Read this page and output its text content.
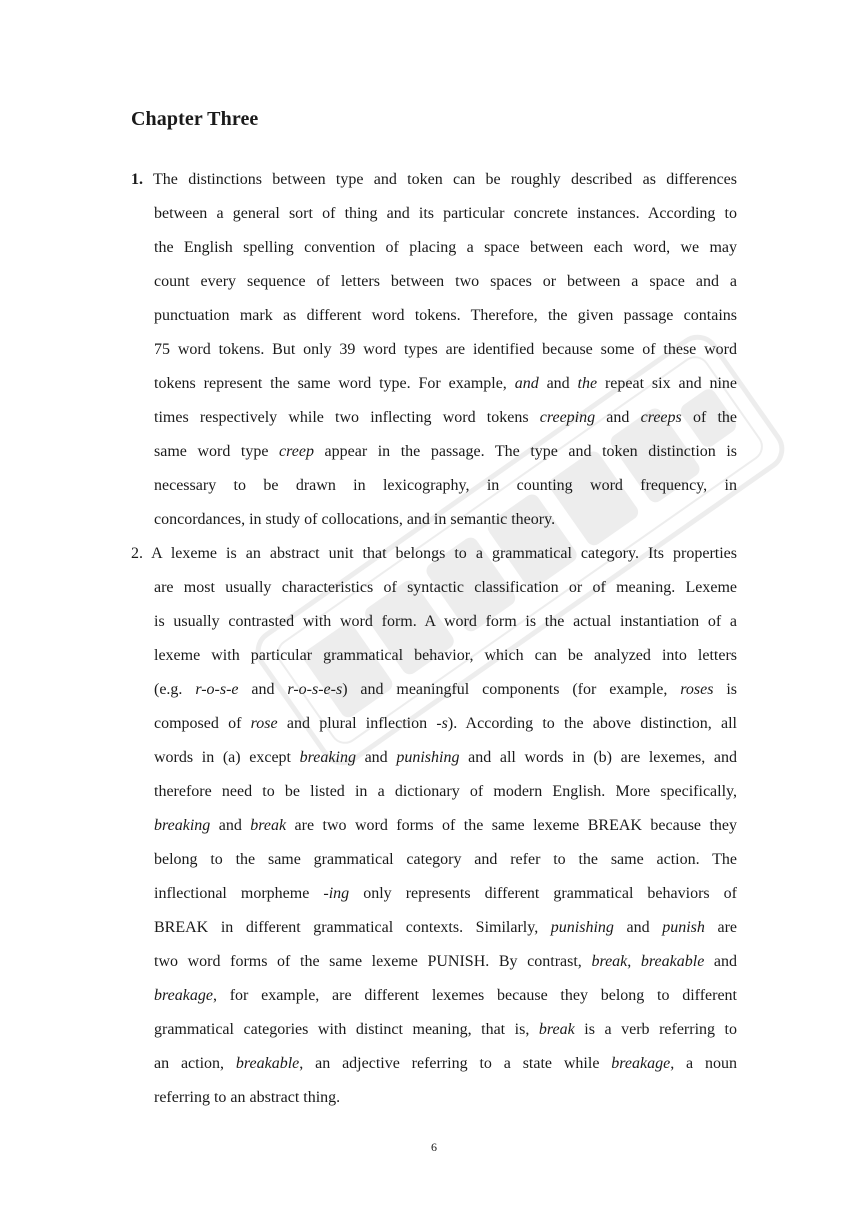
Chapter Three
1. The distinctions between type and token can be roughly described as differences
between a general sort of thing and its particular concrete instances. According to
the English spelling convention of placing a space between each word, we may
count every sequence of letters between two spaces or between a space and a
punctuation mark as different word tokens. Therefore, the given passage contains
75 word tokens. But only 39 word types are identified because some of these word
tokens represent the same word type. For example, and and the repeat six and nine
times respectively while two inflecting word tokens creeping and creeps of the
same word type creep appear in the passage. The type and token distinction is
necessary to be drawn in lexicography, in counting word frequency, in
concordances, in study of collocations, and in semantic theory.
2. A lexeme is an abstract unit that belongs to a grammatical category. Its properties
are most usually characteristics of syntactic classification or of meaning. Lexeme
is usually contrasted with word form. A word form is the actual instantiation of a
lexeme with particular grammatical behavior, which can be analyzed into letters
(e.g. r-o-s-e and r-o-s-e-s) and meaningful components (for example, roses is
composed of rose and plural inflection -s). According to the above distinction, all
words in (a) except breaking and punishing and all words in (b) are lexemes, and
therefore need to be listed in a dictionary of modern English. More specifically,
breaking and break are two word forms of the same lexeme BREAK because they
belong to the same grammatical category and refer to the same action. The
inflectional morpheme -ing only represents different grammatical behaviors of
BREAK in different grammatical contexts. Similarly, punishing and punish are
two word forms of the same lexeme PUNISH. By contrast, break, breakable and
breakage, for example, are different lexemes because they belong to different
grammatical categories with distinct meaning, that is, break is a verb referring to
an action, breakable, an adjective referring to a state while breakage, a noun
referring to an abstract thing.
6
